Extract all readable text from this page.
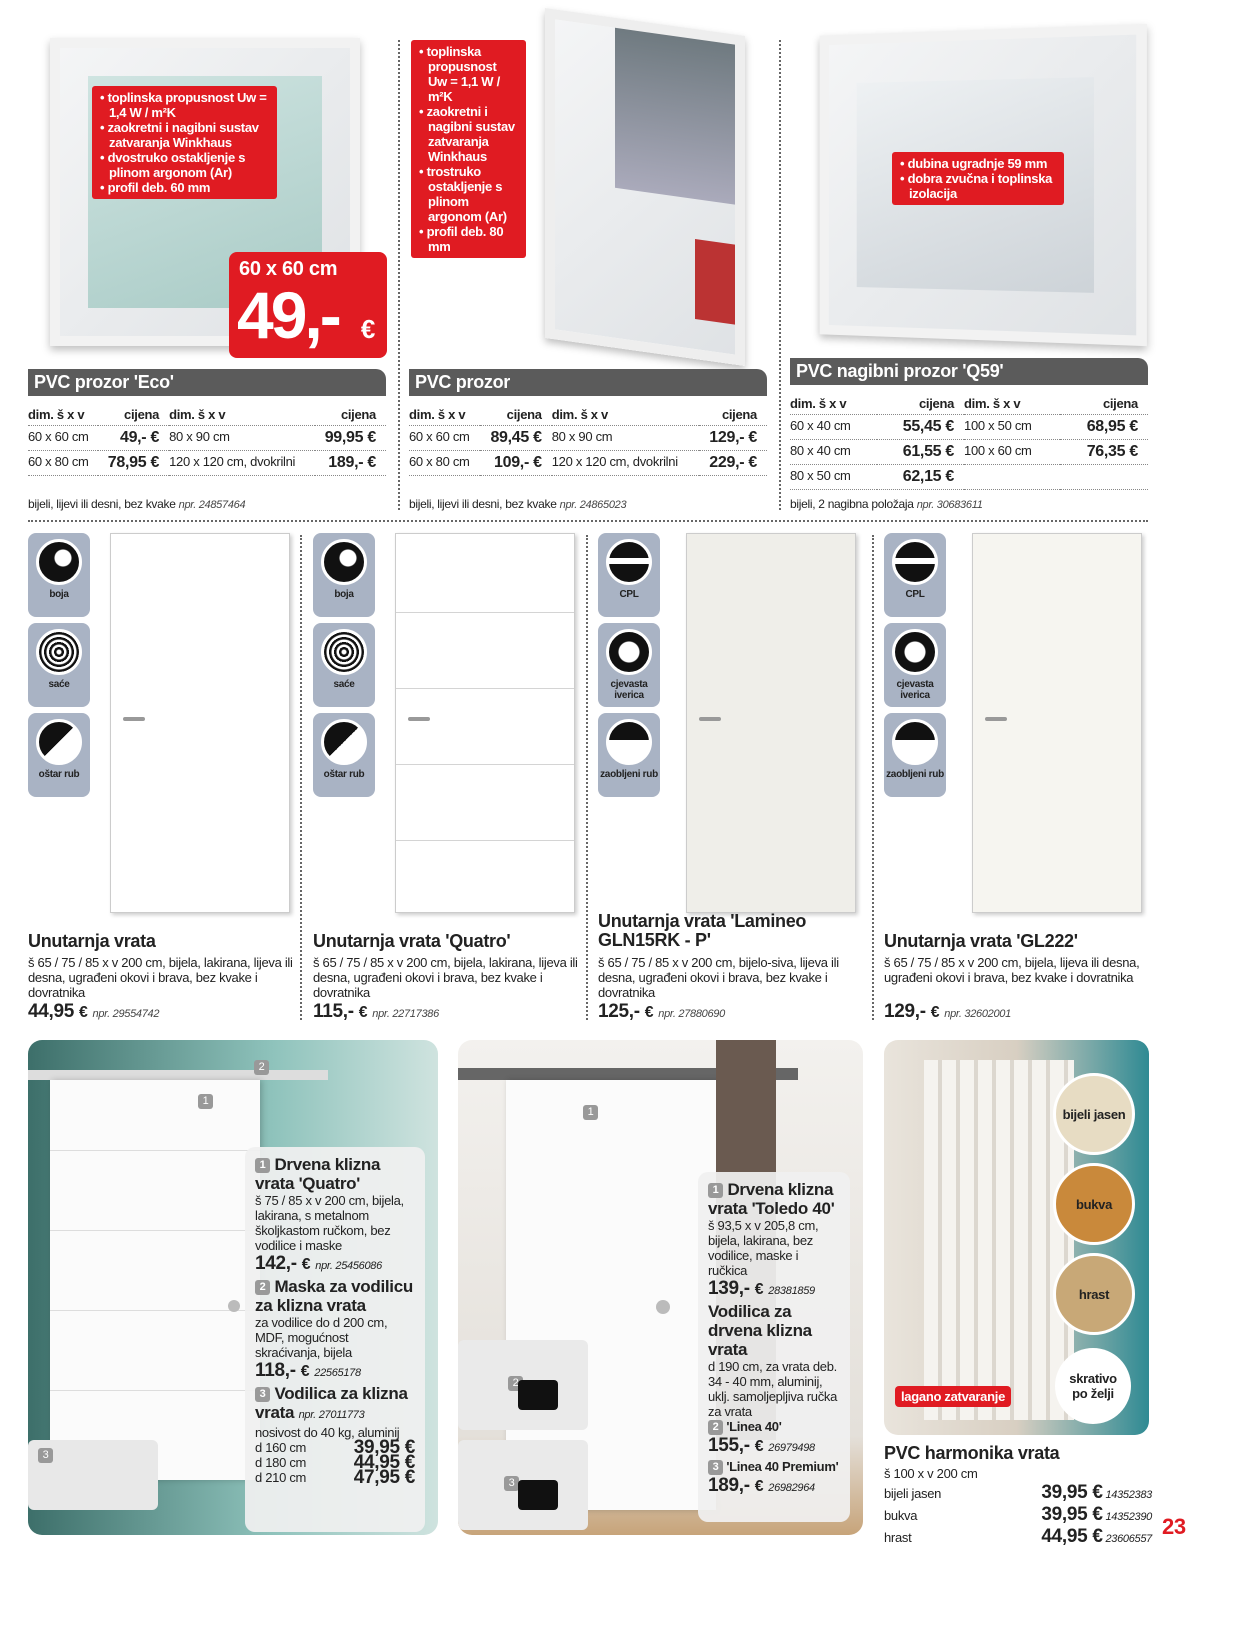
• toplinska propusnost Uw = 1,4 W / m²K
• zaokretni i nagibni sustav zatvaranja Winkhaus
• dvostruko ostakljenje s plinom argonom (Ar)
• profil deb. 60 mm
• toplinska propusnost Uw = 1,1 W / m²K
• zaokretni i nagibni sustav zatvaranja Winkhaus
• trostruko ostakljenje s plinom argonom (Ar)
• profil deb. 80 mm
• dubina ugradnje 59 mm
• dobra zvučna i toplinska izolacija
60 x 60 cm
49,- €
PVC prozor 'Eco'	PVC prozor
PVC nagibni prozor 'Q59'
dim. š x v	cijena	dim. š x v	cijena
60 x 60 cm	49,- €	80 x 90 cm	99,95 €
60 x 80 cm	78,95 €	120 x 120 cm, dvokrilni	189,- €
dim. š x v	cijena	dim. š x v	cijena
60 x 60 cm	89,45 €	80 x 90 cm	129,- €
60 x 80 cm	109,- €	120 x 120 cm, dvokrilni	229,- €
dim. š x v	cijena	dim. š x v	cijena
60 x 40 cm	55,45 €	100 x 50 cm	68,95 €
80 x 40 cm	61,55 €	100 x 60 cm	76,35 €
80 x 50 cm	62,15 €		
bijeli, lijevi ili desni, bez kvake npr. 24857464	bijeli, lijevi ili desni, bez kvake npr. 24865023	bijeli, 2 nagibna položaja npr. 30683611
boja
saće
oštar rub
Unutarnja vrata
š 65 / 75 / 85 x v 200 cm, bijela, lakirana, lijeva ili desna, ugrađeni okovi i brava, bez kvake i dovratnika
44,95 € npr. 29554742
boja
saće
oštar rub
Unutarnja vrata 'Quatro'
š 65 / 75 / 85 x v 200 cm, bijela, lakirana, lijeva ili desna, ugrađeni okovi i brava, bez kvake i dovratnika
115,- € npr. 22717386
CPL
cjevasta iverica
zaobljeni rub
Unutarnja vrata 'Lamineo GLN15RK - P'
š 65 / 75 / 85 x v 200 cm, bijelo-siva, lijeva ili desna, ugrađeni okovi i brava, bez kvake i dovratnika
125,- € npr. 27880690
CPL
cjevasta iverica
zaobljeni rub
Unutarnja vrata 'GL222'
š 65 / 75 / 85 x v 200 cm, bijela, lijeva ili desna, ugrađeni okovi i brava, bez kvake i dovratnika
129,- € npr. 32602001
2
1
3
1 Drvena klizna vrata 'Quatro'
š 75 / 85 x v 200 cm, bijela, lakirana, s metalnom školjkastom ručkom, bez vodilice i maske
142,- € npr. 25456086
2 Maska za vodilicu za klizna vrata
za vodilice do d 200 cm, MDF, mogućnost skraćivanja, bijela
118,- € 22565178
3 Vodilica za klizna vrata npr. 27011773
nosivost do 40 kg, aluminij
d 160 cm	39,95 €
d 180 cm	44,95 €
d 210 cm	47,95 €
1
2
3
1 Drvena klizna vrata 'Toledo 40'
š 93,5 x v 205,8 cm, bijela, lakirana, bez vodilice, maske i ručkica
139,- € 28381859
Vodilica za drvena klizna vrata
d 190 cm, za vrata deb. 34 - 40 mm, aluminij, uklj. samoljepljiva ručka za vrata
2 'Linea 40'
155,- € 26979498
3 'Linea 40 Premium'
189,- € 26982964
bijeli jasen
bukva
hrast
lagano zatvaranje
skrativo po želji
PVC harmonika vrata
š 100 x v 200 cm
bijeli jasen	39,95 € 14352383
bukva	39,95 € 14352390
hrast	44,95 € 23606557 23
